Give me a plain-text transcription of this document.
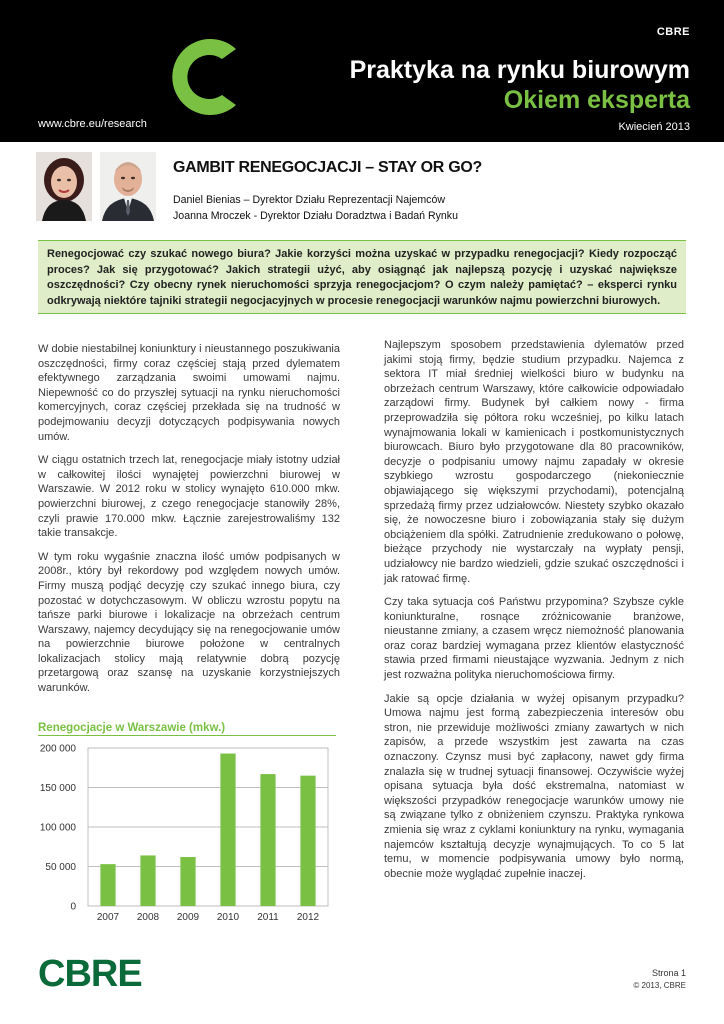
CBRE
Praktyka na rynku biurowym
Okiem eksperta
www.cbre.eu/research	Kwiecień 2013
GAMBIT RENEGOCJACJI – STAY OR GO?
Daniel Bienias – Dyrektor Działu Reprezentacji Najemców
Joanna Mroczek - Dyrektor Działu Doradztwa i Badań Rynku
Renegocjować czy szukać nowego biura? Jakie korzyści można uzyskać w przypadku renegocjacji? Kiedy rozpocząć proces? Jak się przygotować? Jakich strategii użyć, aby osiągnąć jak najlepszą pozycję i uzyskać największe oszczędności? Czy obecny rynek nieruchomości sprzyja renegocjacjom? O czym należy pamiętać? – eksperci rynku odkrywają niektóre tajniki strategii negocjacyjnych w procesie renegocjacji warunków najmu powierzchni biurowych.

W dobie niestabilnej koniunktury i nieustannego poszukiwania oszczędności, firmy coraz częściej stają przed dylematem efektywnego zarządzania swoimi umowami najmu. Niepewność co do przyszłej sytuacji na rynku nieruchomości komercyjnych, coraz częściej przekłada się na trudność w podejmowaniu decyzji dotyczących podpisywania nowych umów.

W ciągu ostatnich trzech lat, renegocjacje miały istotny udział w całkowitej ilości wynajętej powierzchni biurowej w Warszawie. W 2012 roku w stolicy wynajęto 610.000 mkw. powierzchni biurowej, z czego renegocjacje stanowiły 28%, czyli prawie 170.000 mkw. Łącznie zarejestrowaliśmy 132 takie transakcje.

W tym roku wygaśnie znaczna ilość umów podpisanych w 2008r., który był rekordowy pod względem nowych umów. Firmy muszą podjąć decyzję czy szukać innego biura, czy pozostać w dotychczasowym. W obliczu wzrostu popytu na tańsze parki biurowe i lokalizacje na obrzeżach centrum Warszawy, najemcy decydujący się na renegocjowanie umów na powierzchnie biurowe położone w centralnych lokalizacjach stolicy mają relatywnie dobrą pozycję przetargową oraz szansę na uzyskanie korzystniejszych warunków.

Najlepszym sposobem przedstawienia dylematów przed jakimi stoją firmy, będzie studium przypadku. Najemca z sektora IT miał średniej wielkości biuro w budynku na obrzeżach centrum Warszawy, które całkowicie odpowiadało zarządowi firmy. Budynek był całkiem nowy - firma przeprowadziła się półtora roku wcześniej, po kilku latach wynajmowania lokali w kamienicach i postkomunistycznych biurowcach. Biuro było przygotowane dla 80 pracowników, decyzje o podpisaniu umowy najmu zapadały w okresie szybkiego wzrostu gospodarczego (niekoniecznie objawiającego się większymi przychodami), potencjalną sprzedażą firmy przez udziałowców. Niestety szybko okazało się, że nowoczesne biuro i zobowiązania stały się dużym obciążeniem dla spółki. Zatrudnienie zredukowano o połowę, bieżące przychody nie wystarczały na wypłaty pensji, udziałowcy nie bardzo wiedzieli, gdzie szukać oszczędności i jak ratować firmę.

Czy taka sytuacja coś Państwu przypomina? Szybsze cykle koniunkturalne, rosnące zróżnicowanie branżowe, nieustanne zmiany, a czasem wręcz niemożność planowania oraz coraz bardziej wymagana przez klientów elastyczność stawia przed firmami nieustające wyzwania. Jednym z nich jest rozważna polityka nieruchomościowa firmy.

Jakie są opcje działania w wyżej opisanym przypadku? Umowa najmu jest formą zabezpieczenia interesów obu stron, nie przewiduje możliwości zmiany zawartych w nich zapisów, a przede wszystkim jest zawarta na czas oznaczony. Czynsz musi być zapłacony, nawet gdy firma znalazła się w trudnej sytuacji finansowej. Oczywiście wyżej opisana sytuacja była dość ekstremalna, natomiast w większości przypadków renegocjacje warunków umowy nie są związane tylko z obniżeniem czynszu. Praktyka rynkowa zmienia się wraz z cyklami koniunktury na rynku, wymagania najemców kształtują decyzje wynajmujących. To co 5 lat temu, w momencie podpisywania umowy było normą, obecnie może wyglądać zupełnie inaczej.

Renegocjacje w Warszawie (mkw.)
0
50 000
100 000
150 000
200 000
2007 2008 2009 2010 2011 2012
CBRE	Strona 1
© 2013, CBRE
